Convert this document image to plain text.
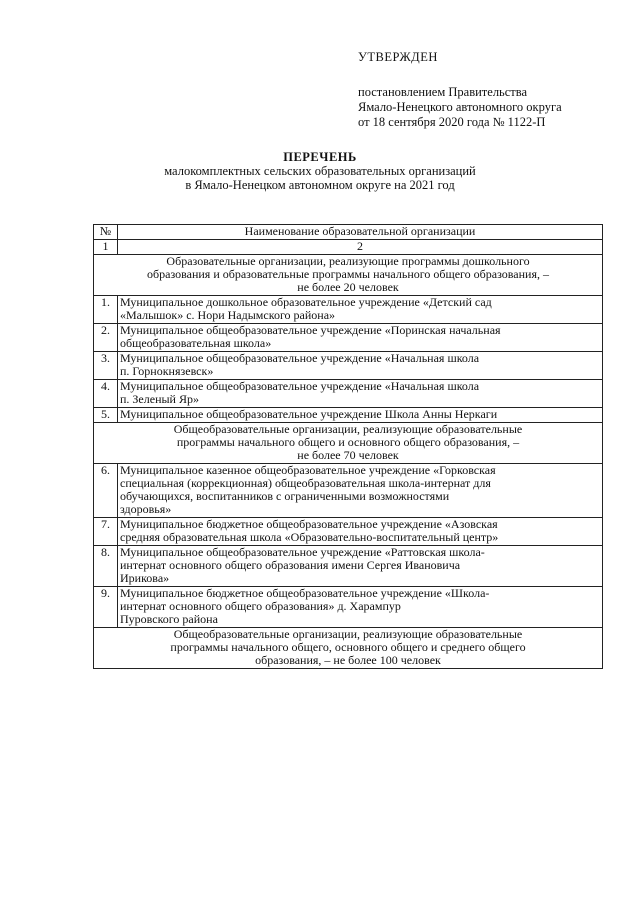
УТВЕРЖДЕН
постановлением Правительства
Ямало-Ненецкого автономного округа
от 18 сентября 2020 года № 1122-П
ПЕРЕЧЕНЬ
малокомплектных сельских образовательных организаций
в Ямало-Ненецком автономном округе на 2021 год
№	Наименование образовательной организации
1	2

Образовательные организации, реализующие программы дошкольного
образования и образовательные программы начального общего образования, –
не более 20 человек	

1.	Муниципальное дошкольное образовательное учреждение «Детский сад
«Малышок» с. Нори Надымского района»

2.	Муниципальное общеобразовательное учреждение «Поринская начальная
общеобразовательная школа»

3.	Муниципальное общеобразовательное учреждение «Начальная школа
п. Горнокнязевск»

4.	Муниципальное общеобразовательное учреждение «Начальная школа
п. Зеленый Яр»

5.	Муниципальное общеобразовательное учреждение Школа Анны Неркаги

Общеобразовательные организации, реализующие образовательные
программы начального общего и основного общего образования, –
не более 70 человек	

6.	Муниципальное казенное общеобразовательное учреждение «Горковская
специальная (коррекционная) общеобразовательная школа-интернат для
обучающихся, воспитанников с ограниченными возможностями
здоровья»

7.	Муниципальное бюджетное общеобразовательное учреждение «Азовская
средняя образовательная школа «Образовательно-воспитательный центр»

8.	Муниципальное общеобразовательное учреждение «Раттовская школа-
интернат основного общего образования имени Сергея Ивановича
Ирикова»

9.	Муниципальное бюджетное общеобразовательное учреждение «Школа-
интернат основного общего образования» д. Харампур
Пуровского района

Общеобразовательные организации, реализующие образовательные
программы начального общего, основного общего и среднего общего
образования, – не более 100 человек	
